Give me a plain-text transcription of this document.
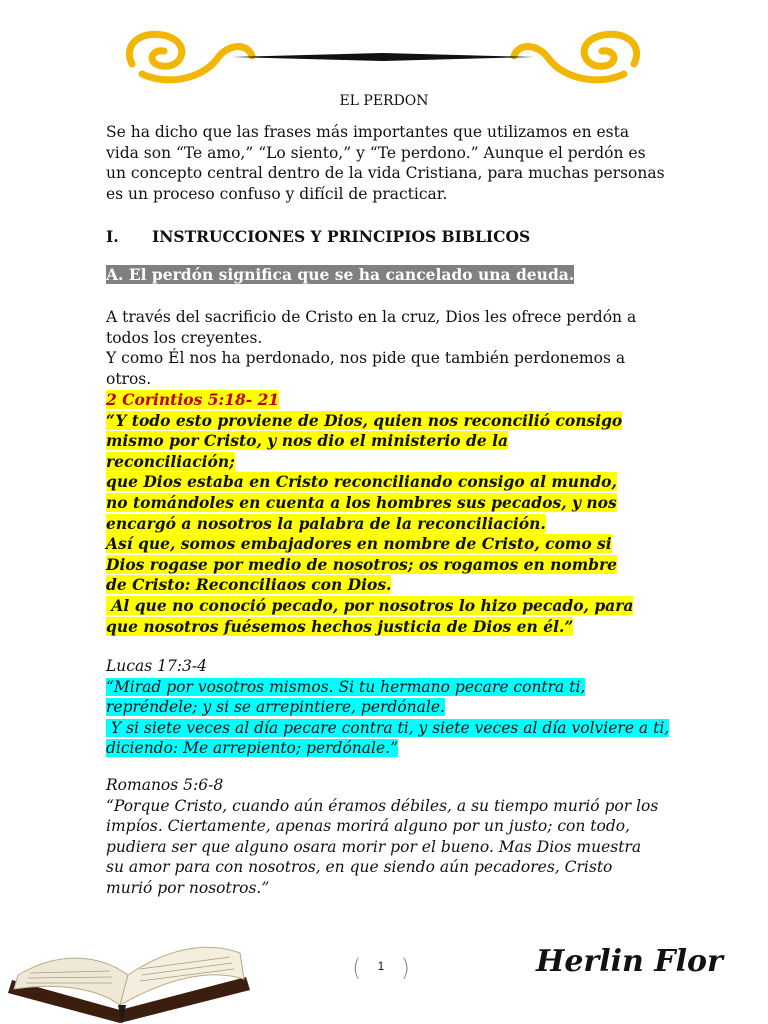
EL PERDON
Se ha dicho que las frases más importantes que utilizamos en esta vida son “Te amo,” “Lo siento,” y “Te perdono.” Aunque el perdón es un concepto central dentro de la vida Cristiana, para muchas personas es un proceso confuso y difícil de practicar.
I. INSTRUCCIONES Y PRINCIPIOS BIBLICOS
A. El perdón significa que se ha cancelado una deuda.
A través del sacrificio de Cristo en la cruz, Dios les ofrece perdón a
todos los creyentes.
Y como Él nos ha perdonado, nos pide que también perdonemos a
otros.
2 Corintios 5:18- 21
“Y todo esto proviene de Dios, quien nos reconcilió consigo
mismo por Cristo, y nos dio el ministerio de la
reconciliación;
que Dios estaba en Cristo reconciliando consigo al mundo,
no tomándoles en cuenta a los hombres sus pecados, y nos
encargó a nosotros la palabra de la reconciliación.
Así que, somos embajadores en nombre de Cristo, como si
Dios rogase por medio de nosotros; os rogamos en nombre
de Cristo: Reconciliaos con Dios.
Al que no conoció pecado, por nosotros lo hizo pecado, para
que nosotros fuésemos hechos justicia de Dios en él.”
Lucas 17:3-4
“Mirad por vosotros mismos. Si tu hermano pecare contra ti,
repréndele; y si se arrepintiere, perdónale.
Y si siete veces al día pecare contra ti, y siete veces al día volviere a ti,
diciendo: Me arrepiento; perdónale.”
Romanos 5:6-8
“Porque Cristo, cuando aún éramos débiles, a su tiempo murió por los
impíos. Ciertamente, apenas morirá alguno por un justo; con todo,
pudiera ser que alguno osara morir por el bueno. Mas Dios muestra
su amor para con nosotros, en que siendo aún pecadores, Cristo
murió por nosotros.”
(	1 )	Herlin Flor
